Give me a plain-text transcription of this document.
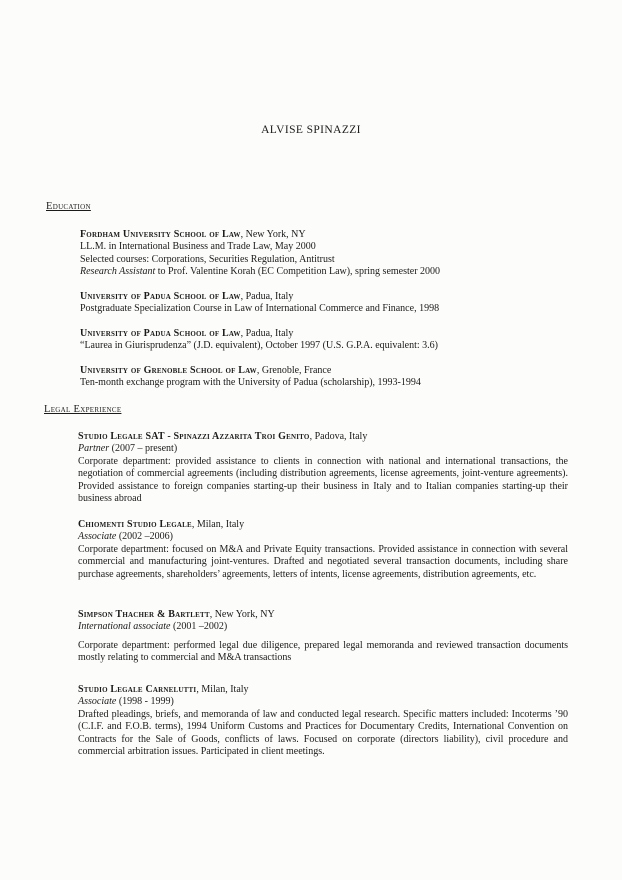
ALVISE SPINAZZI
Education
Fordham University School of Law, New York, NY
LL.M. in International Business and Trade Law, May 2000
Selected courses: Corporations, Securities Regulation, Antitrust
Research Assistant to Prof. Valentine Korah (EC Competition Law), spring semester 2000
University of Padua School of Law, Padua, Italy
Postgraduate Specialization Course in Law of International Commerce and Finance, 1998
University of Padua School of Law, Padua, Italy
“Laurea in Giurisprudenza” (J.D. equivalent), October 1997 (U.S. G.P.A. equivalent: 3.6)
University of Grenoble School of Law, Grenoble, France
Ten-month exchange program with the University of Padua (scholarship), 1993-1994
Legal Experience
Studio Legale SAT - Spinazzi Azzarita Troi Genito, Padova, Italy
Partner (2007 – present)
Corporate department: provided assistance to clients in connection with national and international transactions, the negotiation of commercial agreements (including distribution agreements, license agreements, joint-venture agreements). Provided assistance to foreign companies starting-up their business in Italy and to Italian companies starting-up their business abroad
Chiomenti Studio Legale, Milan, Italy
Associate (2002 –2006)
Corporate department: focused on M&A and Private Equity transactions. Provided assistance in connection with several commercial and manufacturing joint-ventures. Drafted and negotiated several transaction documents, including share purchase agreements, shareholders’ agreements, letters of intents, license agreements, distribution agreements, etc.
Simpson Thacher & Bartlett, New York, NY
International associate (2001 –2002)
Corporate department: performed legal due diligence, prepared legal memoranda and reviewed transaction documents mostly relating to commercial and M&A transactions
Studio Legale Carnelutti, Milan, Italy
Associate (1998 - 1999)
Drafted pleadings, briefs, and memoranda of law and conducted legal research. Specific matters included: Incoterms ’90 (C.I.F. and F.O.B. terms), 1994 Uniform Customs and Practices for Documentary Credits, International Convention on Contracts for the Sale of Goods, conflicts of laws. Focused on corporate (directors liability), civil procedure and commercial arbitration issues. Participated in client meetings.
